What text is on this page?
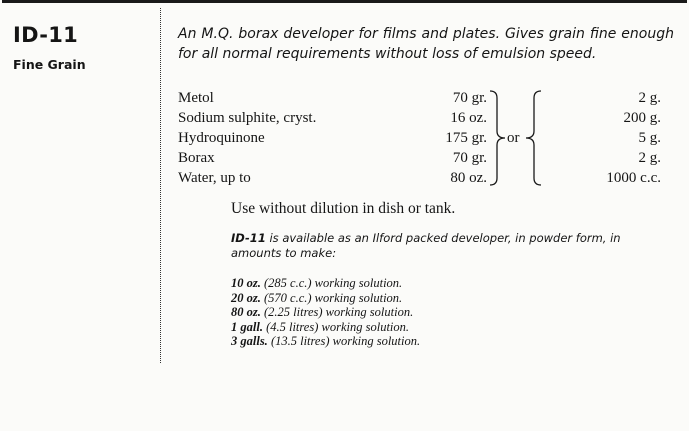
ID-11
Fine Grain
An M.Q. borax developer for films and plates. Gives grain fine enough for all normal requirements without loss of emulsion speed.
Metol	70 gr.	2 g.
Sodium sulphite, cryst.	16 oz.	200 g.
Hydroquinone	175 gr.	5 g.
Borax	70 gr.	2 g.
Water, up to	80 oz.	1000 c.c.
or
Use without dilution in dish or tank.
ID-11 is available as an Ilford packed developer, in powder form, in amounts to make:
10 oz. (285 c.c.) working solution.
20 oz. (570 c.c.) working solution.
80 oz. (2.25 litres) working solution.
1 gall. (4.5 litres) working solution.
3 galls. (13.5 litres) working solution.
